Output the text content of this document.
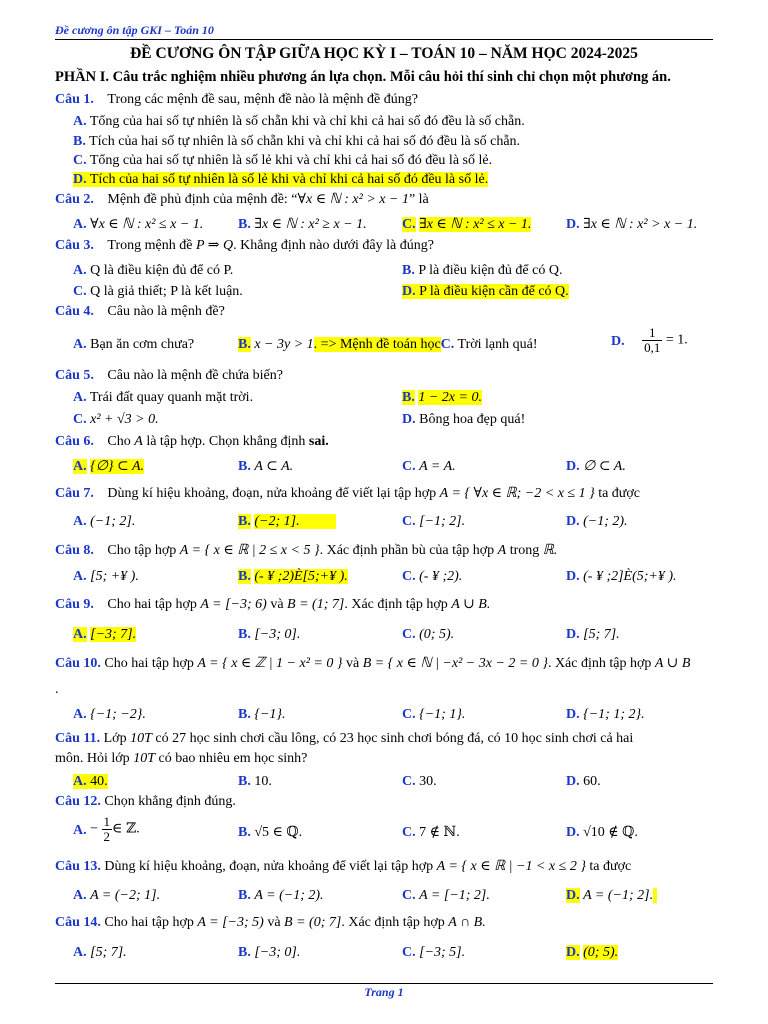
Đề cương ôn tập GKI – Toán 10
ĐỀ CƯƠNG ÔN TẬP GIỮA HỌC KỲ I – TOÁN 10 – NĂM HỌC 2024-2025
PHẦN I. Câu trắc nghiệm nhiều phương án lựa chọn. Mỗi câu hỏi thí sinh chỉ chọn một phương án.
Câu 1. Trong các mệnh đề sau, mệnh đề nào là mệnh đề đúng?
A. Tổng của hai số tự nhiên là số chẵn khi và chỉ khi cả hai số đó đều là số chẵn.
B. Tích của hai số tự nhiên là số chẵn khi và chỉ khi cả hai số đó đều là số chẵn.
C. Tổng của hai số tự nhiên là số lẻ khi và chỉ khi cả hai số đó đều là số lẻ.
D. Tích của hai số tự nhiên là số lẻ khi và chỉ khi cả hai số đó đều là số lẻ.
Câu 2. Mệnh đề phủ định của mệnh đề: “∀x ∈ ℕ : x² > x − 1” là
A. ∀x ∈ ℕ : x² ≤ x − 1. B. ∃x ∈ ℕ : x² ≥ x − 1.	C. ∃x ∈ ℕ : x² ≤ x − 1. D. ∃x ∈ ℕ : x² > x − 1.
Câu 3. Trong mệnh đề P ⇒ Q. Khẳng định nào dưới đây là đúng?
A. Q là điều kiện đủ để có P.	B. P là điều kiện đủ để có Q.
C. Q là giả thiết; P là kết luận.	D. P là điều kiện cần để có Q.
Câu 4. Câu nào là mệnh đề?
A. Bạn ăn cơm chưa?	B. x − 3y > 1. => Mệnh đề toán họcC. Trời lạnh quá!	D. $\frac{1}{0,1} = 1$.
Câu 5. Câu nào là mệnh đề chứa biến?
A. Trái đất quay quanh mặt trời.	B. 1 − 2x = 0.
C. x² + √3 > 0.	D. Bông hoa đẹp quá!
Câu 6. Cho A là tập hợp. Chọn khẳng định sai.
A. {∅} ⊂ A.	B. A ⊂ A.	C. A = A.	D. ∅ ⊂ A.
Câu 7. Dùng kí hiệu khoảng, đoạn, nửa khoảng để viết lại tập hợp A = { ∀x ∈ ℝ; −2 < x ≤ 1 } ta được
A. (−1; 2].	B. (−2; 1].	C. [−1; 2].	D. (−1; 2).
Câu 8. Cho tập hợp A = { x ∈ ℝ | 2 ≤ x < 5 }. Xác định phần bù của tập hợp A trong ℝ.
A. [5; +¥ ).	B. (- ¥ ;2)È[5;+¥ ).	C. (- ¥ ;2).	D. (- ¥ ;2]È(5;+¥ ).
Câu 9. Cho hai tập hợp A = [−3; 6) và B = (1; 7]. Xác định tập hợp A ∪ B.
A. [−3; 7].	B. [−3; 0].	C. (0; 5).	D. [5; 7].
Câu 10. Cho hai tập hợp A = { x ∈ ℤ | 1 − x² = 0 } và B = { x ∈ ℕ | −x² − 3x − 2 = 0 }. Xác định tập hợp A ∪ B
.
A. {−1; −2}.	B. {−1}.	C. {−1; 1}.	D. {−1; 1; 2}.
Câu 11. Lớp 10T có 27 học sinh chơi cầu lông, có 23 học sinh chơi bóng đá, có 10 học sinh chơi cả hai
môn. Hỏi lớp 10T có bao nhiêu em học sinh?
A. 40.	B. 10.	C. 30.	D. 60.
Câu 12. Chọn khẳng định đúng.
A. − $\frac{1}{2}$ ∈ ℤ.	B. √5 ∈ ℚ.	C. 7 ∉ ℕ.	D. √10 ∉ ℚ.
Câu 13. Dùng kí hiệu khoảng, đoạn, nửa khoảng để viết lại tập hợp A = { x ∈ ℝ | −1 < x ≤ 2 } ta được
A. A = (−2; 1].	B. A = (−1; 2).	C. A = [−1; 2].	D. A = (−1; 2].
Câu 14. Cho hai tập hợp A = [−3; 5) và B = (0; 7]. Xác định tập hợp A ∩ B.
A. [5; 7].	B. [−3; 0].	C. [−3; 5].	D. (0; 5).
Trang 1
